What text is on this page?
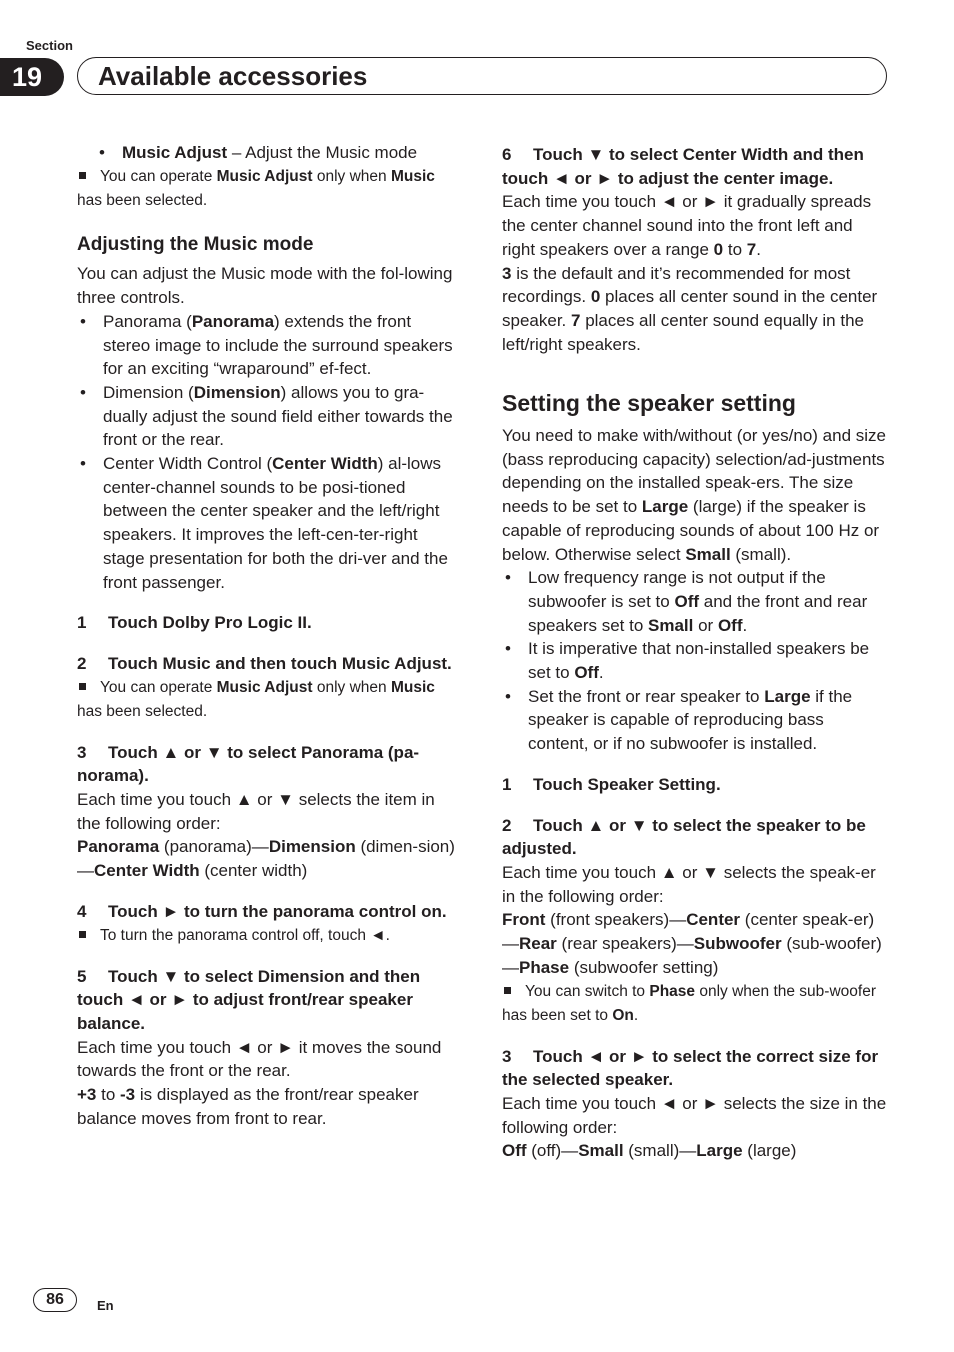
Section
19	Available accessories

• Music Adjust – Adjust the Music mode

You can operate Music Adjust only when Music has been selected.

Adjusting the Music mode

You can adjust the Music mode with the fol-lowing three controls.

• Panorama (Panorama) extends the front stereo image to include the surround speakers for an exciting “wraparound” ef-fect.

• Dimension (Dimension) allows you to gra-dually adjust the sound field either towards the front or the rear.

• Center Width Control (Center Width) al-lows center-channel sounds to be posi-tioned between the center speaker and the left/right speakers. It improves the left-cen-ter-right stage presentation for both the dri-ver and the front passenger.

1 Touch Dolby Pro Logic II.

2 Touch Music and then touch Music Adjust.

You can operate Music Adjust only when Music has been selected.

3 Touch ▲ or ▼ to select Panorama (pa-norama).

Each time you touch ▲ or ▼ selects the item in the following order:

Panorama (panorama)—Dimension (dimen-sion)—Center Width (center width)

4 Touch ► to turn the panorama control on.

To turn the panorama control off, touch ◄.

5 Touch ▼ to select Dimension and then touch ◄ or ► to adjust front/rear speaker balance.

Each time you touch ◄ or ► it moves the sound towards the front or the rear.

+3 to -3 is displayed as the front/rear speaker balance moves from front to rear.

6 Touch ▼ to select Center Width and then touch ◄ or ► to adjust the center image.

Each time you touch ◄ or ► it gradually spreads the center channel sound into the front left and right speakers over a range 0 to 7.

3 is the default and it’s recommended for most recordings. 0 places all center sound in the center speaker. 7 places all center sound equally in the left/right speakers.

Setting the speaker setting

You need to make with/without (or yes/no) and size (bass reproducing capacity) selection/ad-justments depending on the installed speak-ers. The size needs to be set to Large (large) if the speaker is capable of reproducing sounds of about 100 Hz or below. Otherwise select Small (small).

• Low frequency range is not output if the subwoofer is set to Off and the front and rear speakers set to Small or Off.

• It is imperative that non-installed speakers be set to Off.

• Set the front or rear speaker to Large if the speaker is capable of reproducing bass content, or if no subwoofer is installed.

1 Touch Speaker Setting.

2 Touch ▲ or ▼ to select the speaker to be adjusted.

Each time you touch ▲ or ▼ selects the speak-er in the following order:

Front (front speakers)—Center (center speak-er)—Rear (rear speakers)—Subwoofer (sub-woofer)—Phase (subwoofer setting)

You can switch to Phase only when the sub-woofer has been set to On.

3 Touch ◄ or ► to select the correct size for the selected speaker.

Each time you touch ◄ or ► selects the size in the following order:

Off (off)—Small (small)—Large (large)

86	En
